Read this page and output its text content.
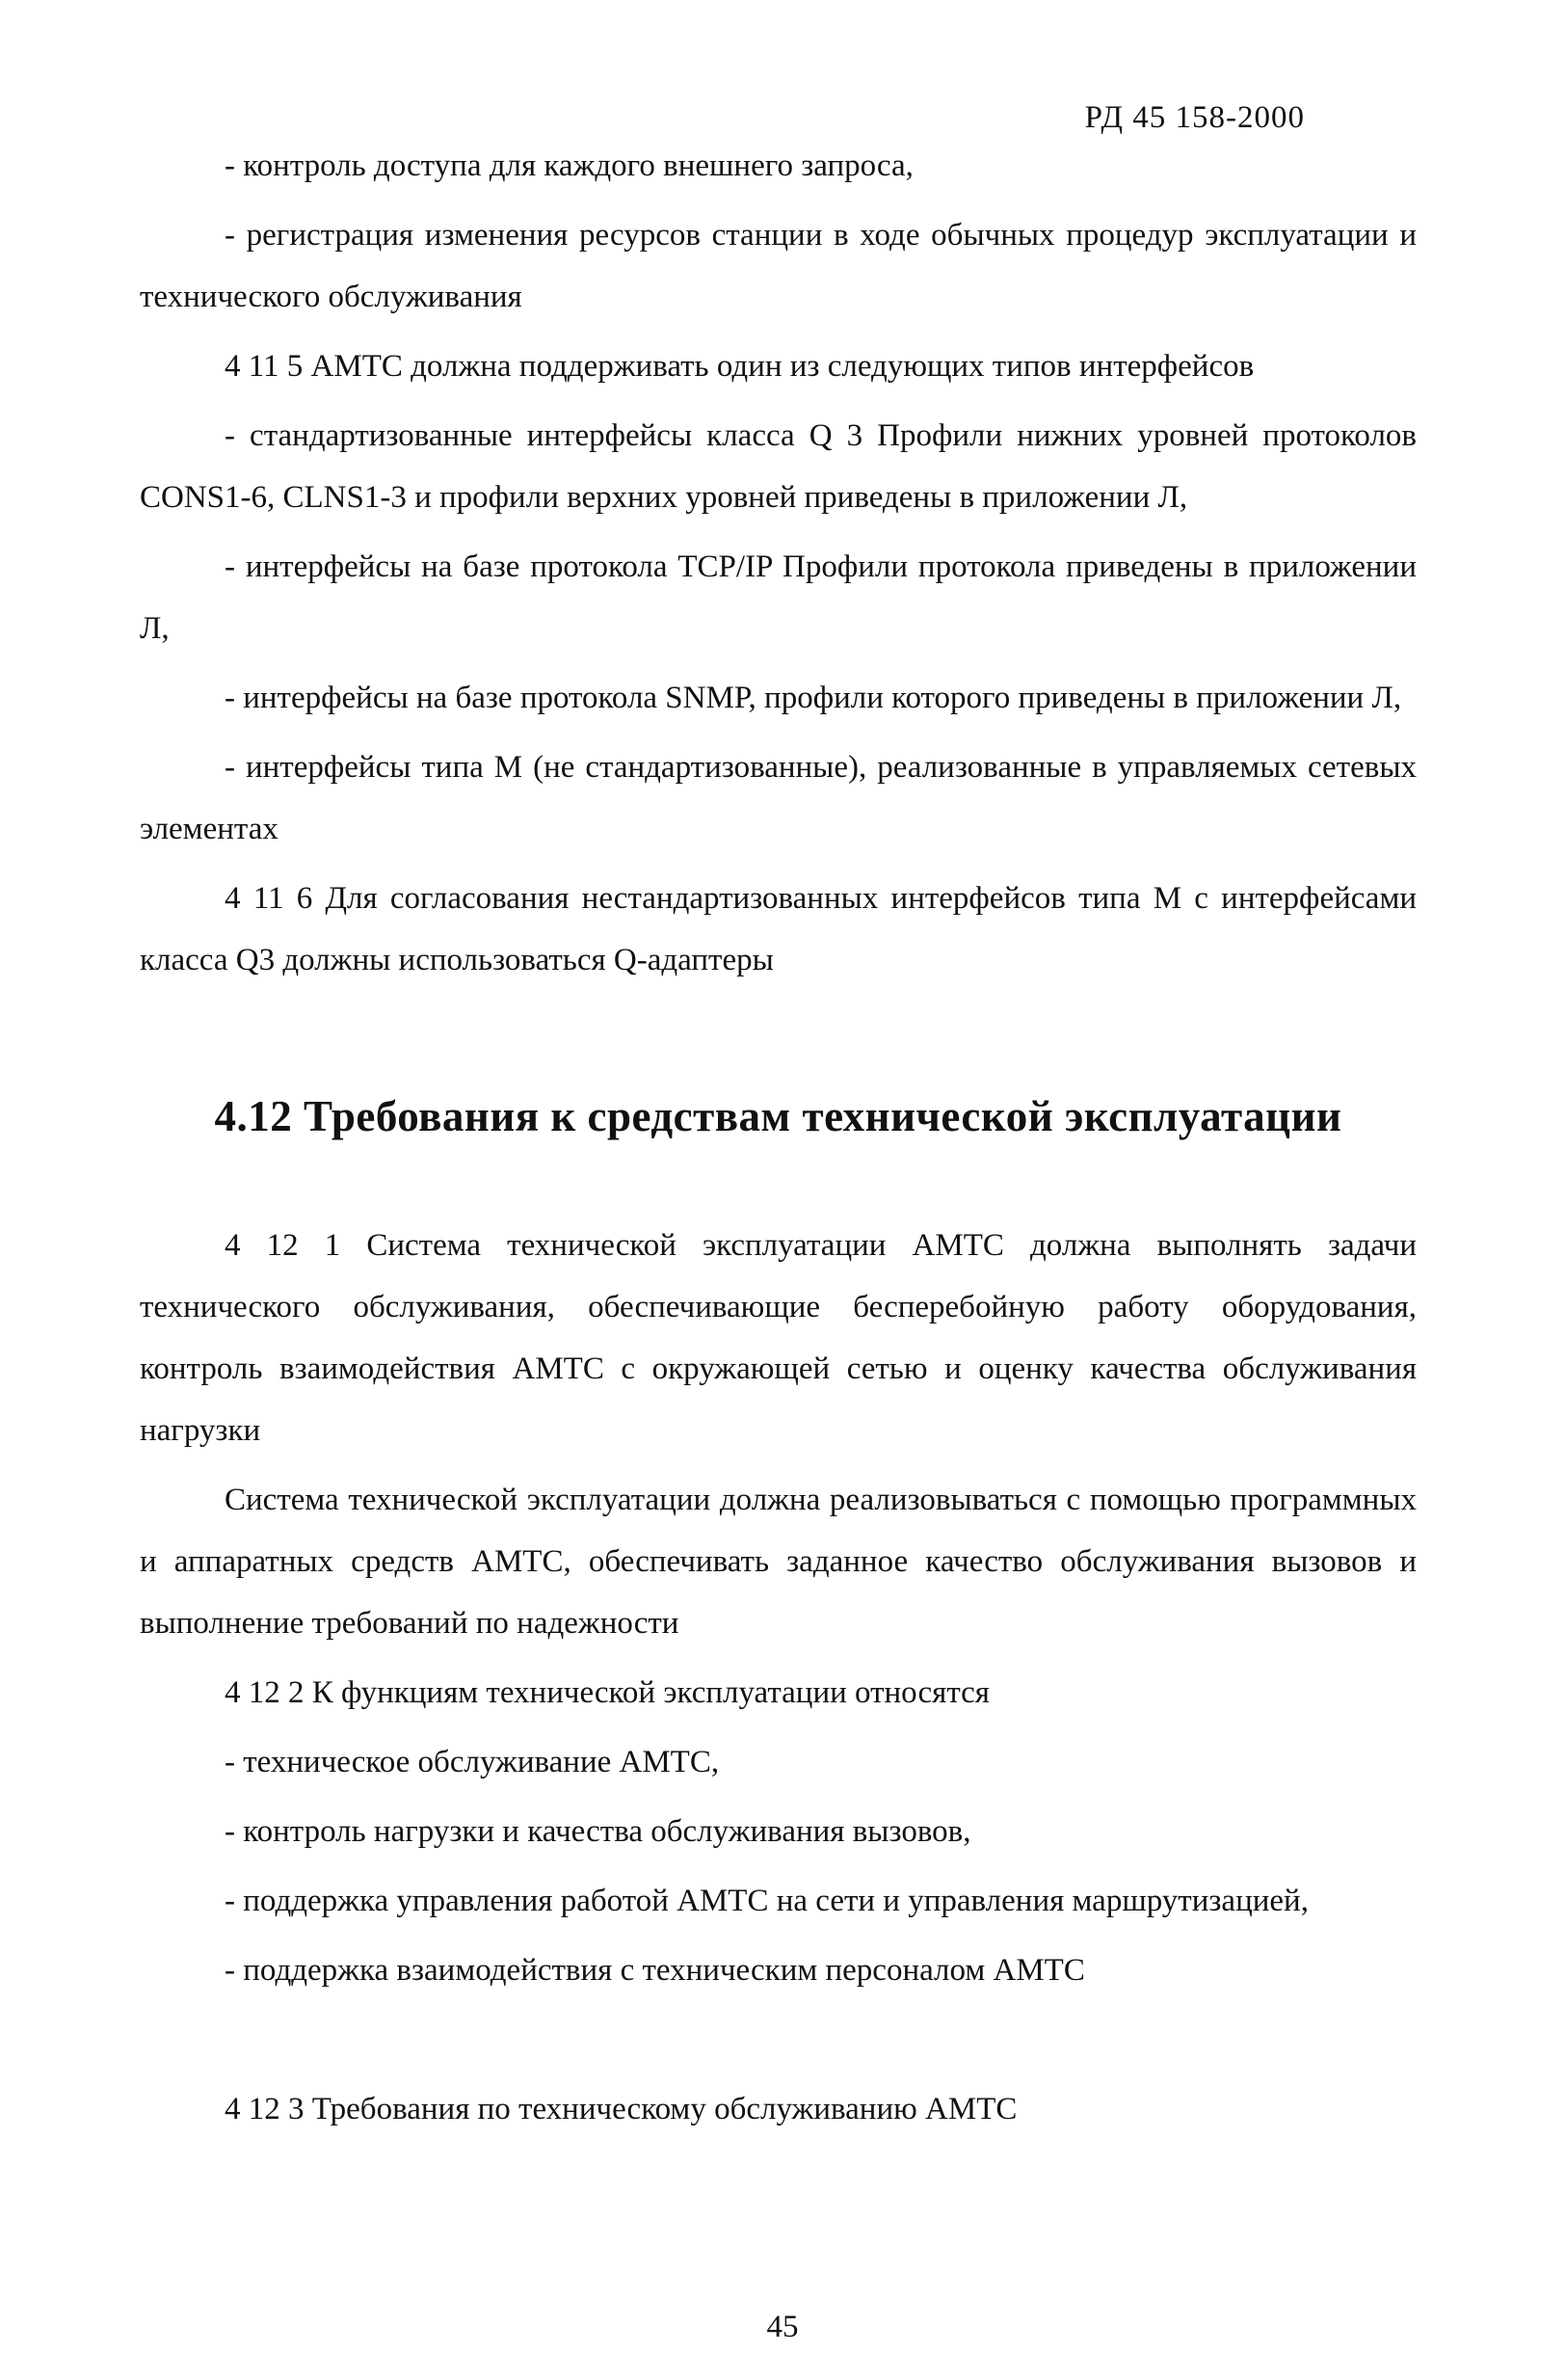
РД 45 158-2000

- контроль доступа для каждого внешнего запроса,

- регистрация изменения ресурсов станции в ходе обычных процедур эксплуатации и технического обслуживания

4 11 5 АМТС должна поддерживать один из следующих типов интерфейсов

- стандартизованные интерфейсы класса Q 3 Профили нижних уровней протоколов CONS1-6, CLNS1-3 и профили верхних уровней приведены в приложении Л,

- интерфейсы на базе протокола TCP/IP Профили протокола приведены в приложении Л,

- интерфейсы на базе протокола SNMP, профили которого приведены в приложении Л,

- интерфейсы типа М (не стандартизованные), реализованные в управляемых сетевых элементах

4 11 6 Для согласования нестандартизованных интерфейсов типа М с интерфейсами класса Q3 должны использоваться Q-адаптеры

4.12 Требования к средствам технической эксплуатации

4 12 1 Система технической эксплуатации АМТС должна выполнять задачи технического обслуживания, обеспечивающие бесперебойную работу оборудования, контроль взаимодействия АМТС с окружающей сетью и оценку качества обслуживания нагрузки

Система технической эксплуатации должна реализовываться с помощью программных и аппаратных средств АМТС, обеспечивать заданное качество обслуживания вызовов и выполнение требований по надежности

4 12 2 К функциям технической эксплуатации относятся

- техническое обслуживание АМТС,

- контроль нагрузки и качества обслуживания вызовов,

- поддержка управления работой АМТС на сети и управления маршрутизацией,

- поддержка взаимодействия с техническим персоналом АМТС

4 12 3 Требования по техническому обслуживанию АМТС

45
